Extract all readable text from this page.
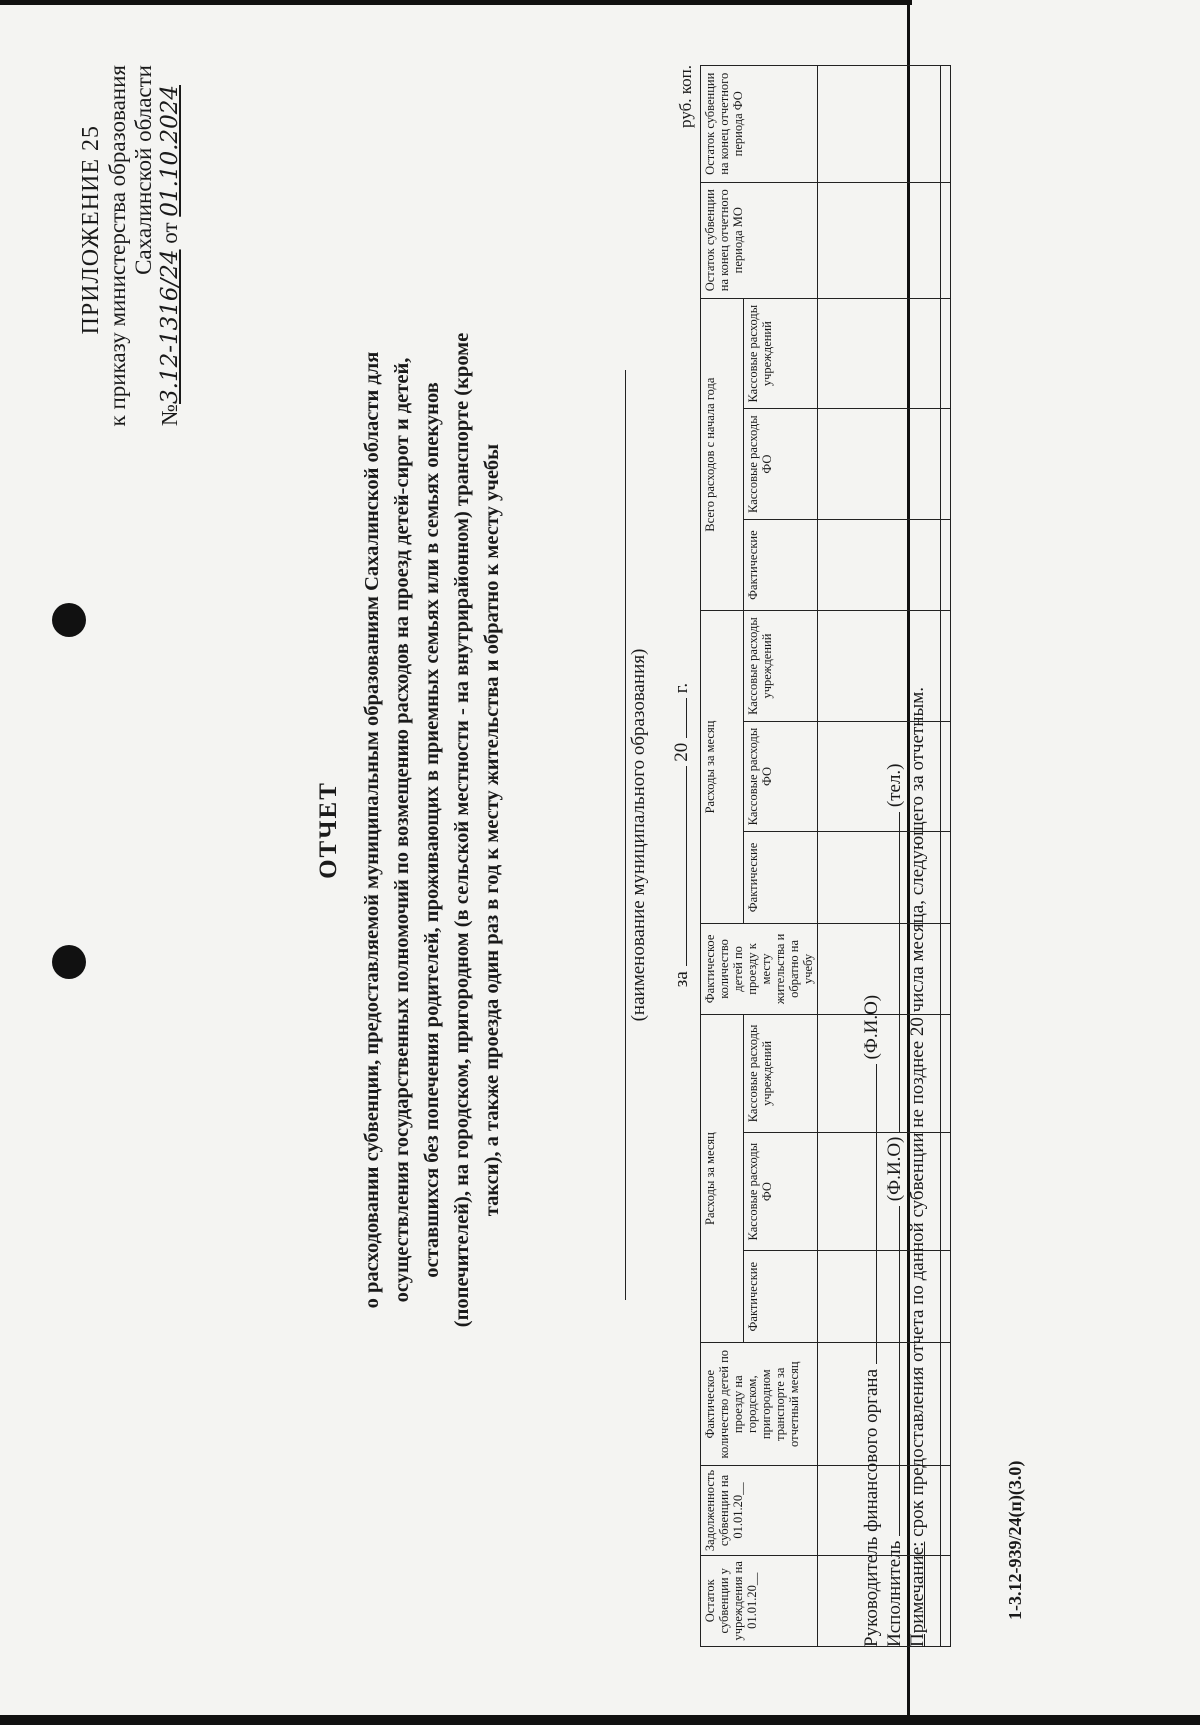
ПРИЛОЖЕНИЕ 25 к приказу министерства образования Сахалинской области
№3.12-1316/24 от 01.10.2024
ОТЧЕТ о расходовании субвенции, предоставляемой муниципальным образованиям Сахалинской области для осуществления государственных полномочий по возмещению расходов на проезд детей-сирот и детей, оставшихся без попечения родителей, проживающих в приемных семьях или в семьях опекунов (попечителей), на городском, пригородном (в сельской местности - на внутрирайонном) транспорте (кроме такси), а также проезда один раз в год к месту жительства и обратно к месту учебы	(наименование муниципального образования) за  20  г.
руб. коп.
Остаток субвенции у учреждения на 01.01.20__	Задолженность субвенции на 01.01.20__	Фактическое количество детей по проезду на городском, пригородном транспорте за отчетный месяц	Расходы за месяц			Фактическое количество детей по проезду к месту жительства и обратно на учебу	Расходы за месяц			Всего расходов с начала года			Остаток субвенции на конец отчетного периода МО	Остаток субвенции на конец отчетного периода ФО
			Фактические	Кассовые расходы ФО	Кассовые расходы учреждений		Фактические	Кассовые расходы ФО	Кассовые расходы учреждений	Фактические	Кассовые расходы ФО	Кассовые расходы учреждений		

Руководитель финансового органа  (Ф.И.О)
Исполнитель  (Ф.И.О)  (тел.)
Примечание: срок предоставления отчета по данной субвенции не позднее 20 числа месяца, следующего за отчетным.
1-3.12-939/24(п)(3.0)
